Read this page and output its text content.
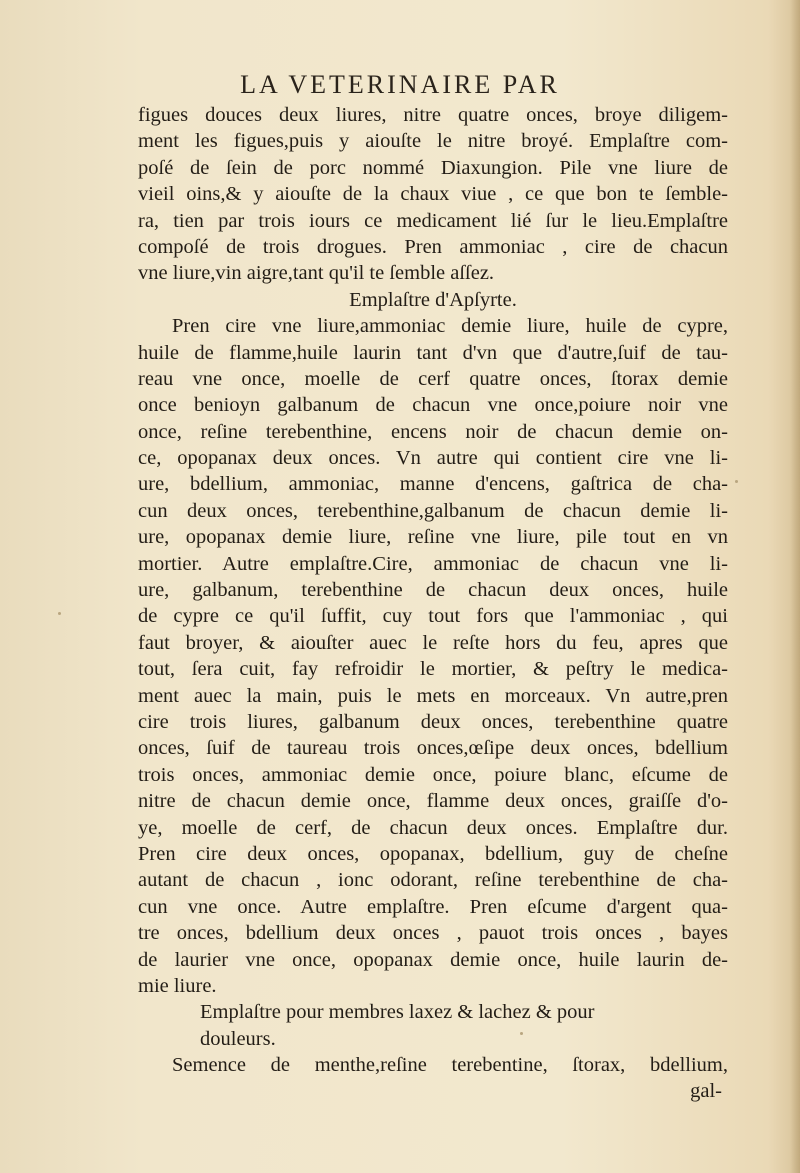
LA VETERINAIRE PAR
figues douces deux liures, nitre quatre onces, broye diligem-
ment les figues,puis y aiouſte le nitre broyé. Emplaſtre com-
poſé de ſein de porc nommé Diaxungion. Pile vne liure de
vieil oins,& y aiouſte de la chaux viue , ce que bon te ſemble-
ra, tien par trois iours ce medicament lié ſur le lieu.Emplaſtre
compoſé de trois drogues. Pren ammoniac , cire de chacun
vne liure,vin aigre,tant qu'il te ſemble aſſez.
Emplaſtre d'Apſyrte.
Pren cire vne liure,ammoniac demie liure, huile de cypre,
huile de flamme,huile laurin tant d'vn que d'autre,ſuif de tau-
reau vne once, moelle de cerf quatre onces, ſtorax demie
once benioyn galbanum de chacun vne once,poiure noir vne
once, reſine terebenthine, encens noir de chacun demie on-
ce, opopanax deux onces. Vn autre qui contient cire vne li-
ure, bdellium, ammoniac, manne d'encens, gaſtrica de cha-
cun deux onces, terebenthine,galbanum de chacun demie li-
ure, opopanax demie liure, reſine vne liure, pile tout en vn
mortier. Autre emplaſtre.Cire, ammoniac de chacun vne li-
ure, galbanum, terebenthine de chacun deux onces, huile
de cypre ce qu'il ſuffit, cuy tout fors que l'ammoniac , qui
faut broyer, & aiouſter auec le reſte hors du feu, apres que
tout, ſera cuit, fay refroidir le mortier, & peſtry le medica-
ment auec la main, puis le mets en morceaux. Vn autre,pren
cire trois liures, galbanum deux onces, terebenthine quatre
onces, ſuif de taureau trois onces,œſipe deux onces, bdellium
trois onces, ammoniac demie once, poiure blanc, eſcume de
nitre de chacun demie once, flamme deux onces, graiſſe d'o-
ye, moelle de cerf, de chacun deux onces. Emplaſtre dur.
Pren cire deux onces, opopanax, bdellium, guy de cheſne
autant de chacun , ionc odorant, reſine terebenthine de cha-
cun vne once. Autre emplaſtre. Pren eſcume d'argent qua-
tre onces, bdellium deux onces , pauot trois onces , bayes
de laurier vne once, opopanax demie once, huile laurin de-
mie liure.
Emplaſtre pour membres laxez & lachez & pour
douleurs.
Semence de menthe,reſine terebentine, ſtorax, bdellium,
gal-
